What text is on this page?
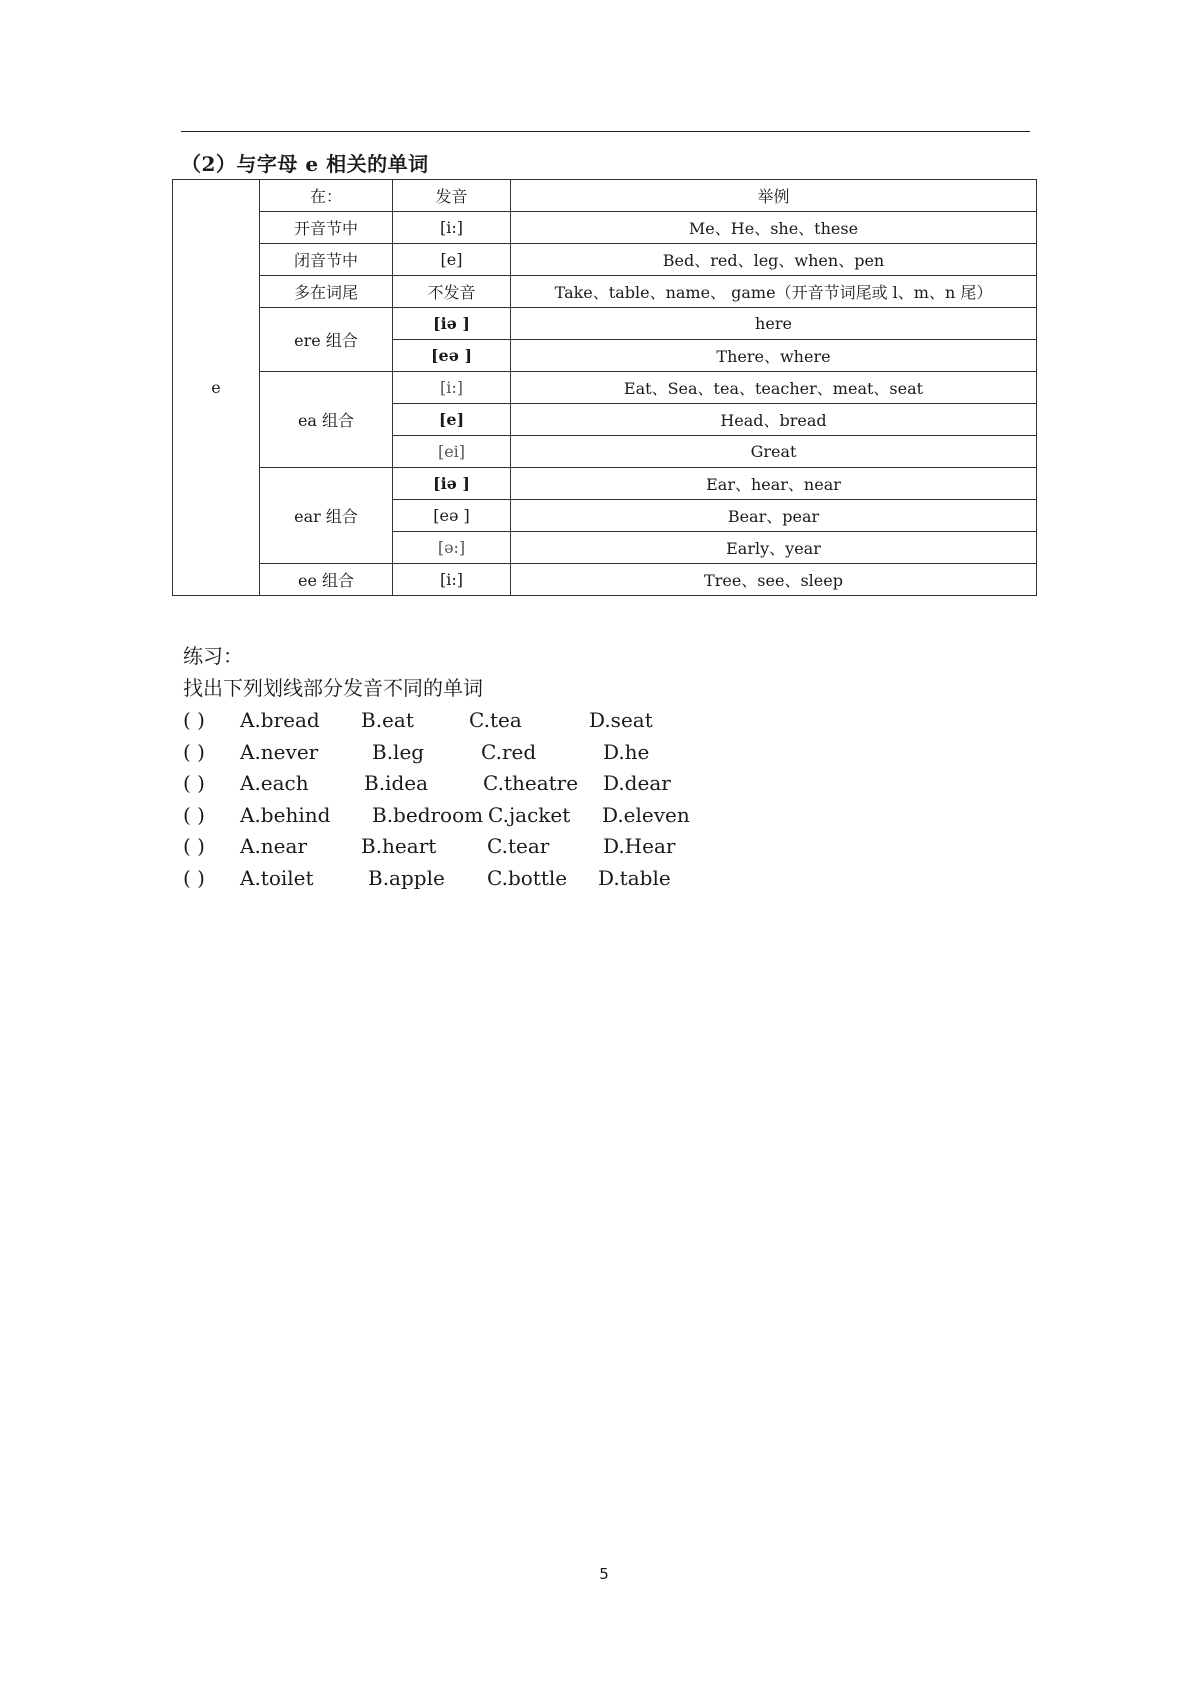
（2）与字母 e 相关的单词
e	在：	发音	举例
	开音节中	[i:]	Me、He、she、these
	闭音节中	[e]	Bed、red、leg、when、pen
	多在词尾	不发音	Take、table、name、 game（开音节词尾或 l、m、n 尾）
	ere 组合	[iə ]	here
		[eə ]	There、where
	ea 组合	[i:]	Eat、Sea、tea、teacher、meat、seat
		[e]	Head、bread
		[ei]	Great
	ear 组合	[iə ]	Ear、hear、near
		[eə ]	Bear、pear
		[ə:]	Early、year
	ee 组合	[i:]	Tree、see、sleep
练习：
找出下列划线部分发音不同的单词
( ) A.bread B.eat	C.tea	D.seat
( ) A.never	B.leg	C.red	D.he
( ) A.each	B.idea	C.theatre D.dear
( ) A.behind B.bedroom C.jacket D.eleven
( ) A.near	B.heart	C.tear	D.Hear
( ) A.toilet	B.apple C.bottle D.table
5
